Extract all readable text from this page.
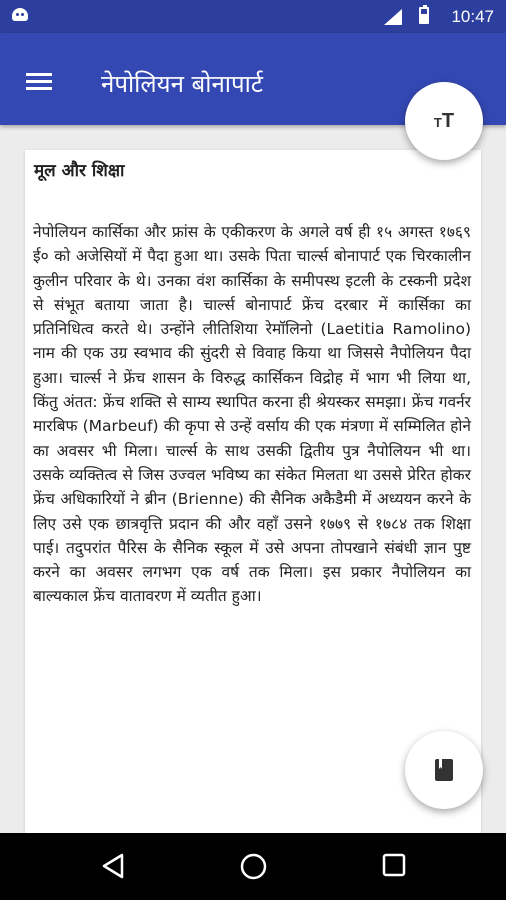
10:47
नेपोलियन बोनापार्ट
मूल और शिक्षा

नेपोलियन कार्सिका और फ्रांस के एकीकरण के अगले वर्ष ही १५ अगस्त १७६९ ई० को अजेसियों में पैदा हुआ था। उसके पिता चार्ल्स बोनापार्ट एक चिरकालीन कुलीन परिवार के थे। उनका वंश कार्सिका के समीपस्थ इटली के टस्कनी प्रदेश से संभूत बताया जाता है। चार्ल्स बोनापार्ट फ्रेंच दरबार में कार्सिका का प्रतिनिधित्व करते थे। उन्होंने लीतिशिया रेमॉलिनो (Laetitia Ramolino) नाम की एक उग्र स्वभाव की सुंदरी से विवाह किया था जिससे नैपोलियन पैदा हुआ। चार्ल्स ने फ्रेंच शासन के विरुद्ध कार्सिकन विद्रोह में भाग भी लिया था, किंतु अंतत: फ्रेंच शक्ति से साम्य स्थापित करना ही श्रेयस्कर समझा। फ्रेंच गवर्नर मारबिफ (Marbeuf) की कृपा से उन्हें वर्साय की एक मंत्रणा में सम्मिलित होने का अवसर भी मिला। चार्ल्स के साथ उसकी द्वितीय पुत्र नैपोलियन भी था। उसके व्यक्तित्व से जिस उज्वल भविष्य का संकेत मिलता था उससे प्रेरित होकर फ्रेंच अधिकारियों ने ब्रीन (Brienne) की सैनिक अकैडैमी में अध्ययन करने के लिए उसे एक छात्रवृत्ति प्रदान की और वहाँ उसने १७७९ से १७८४ तक शिक्षा पाई। तदुपरांत पैरिस के सैनिक स्कूल में उसे अपना तोपखाने संबंधी ज्ञान पुष्ट करने का अवसर लगभग एक वर्ष तक मिला। इस प्रकार नैपोलियन का बाल्यकाल फ्रेंच वातावरण में व्यतीत हुआ।

TT
